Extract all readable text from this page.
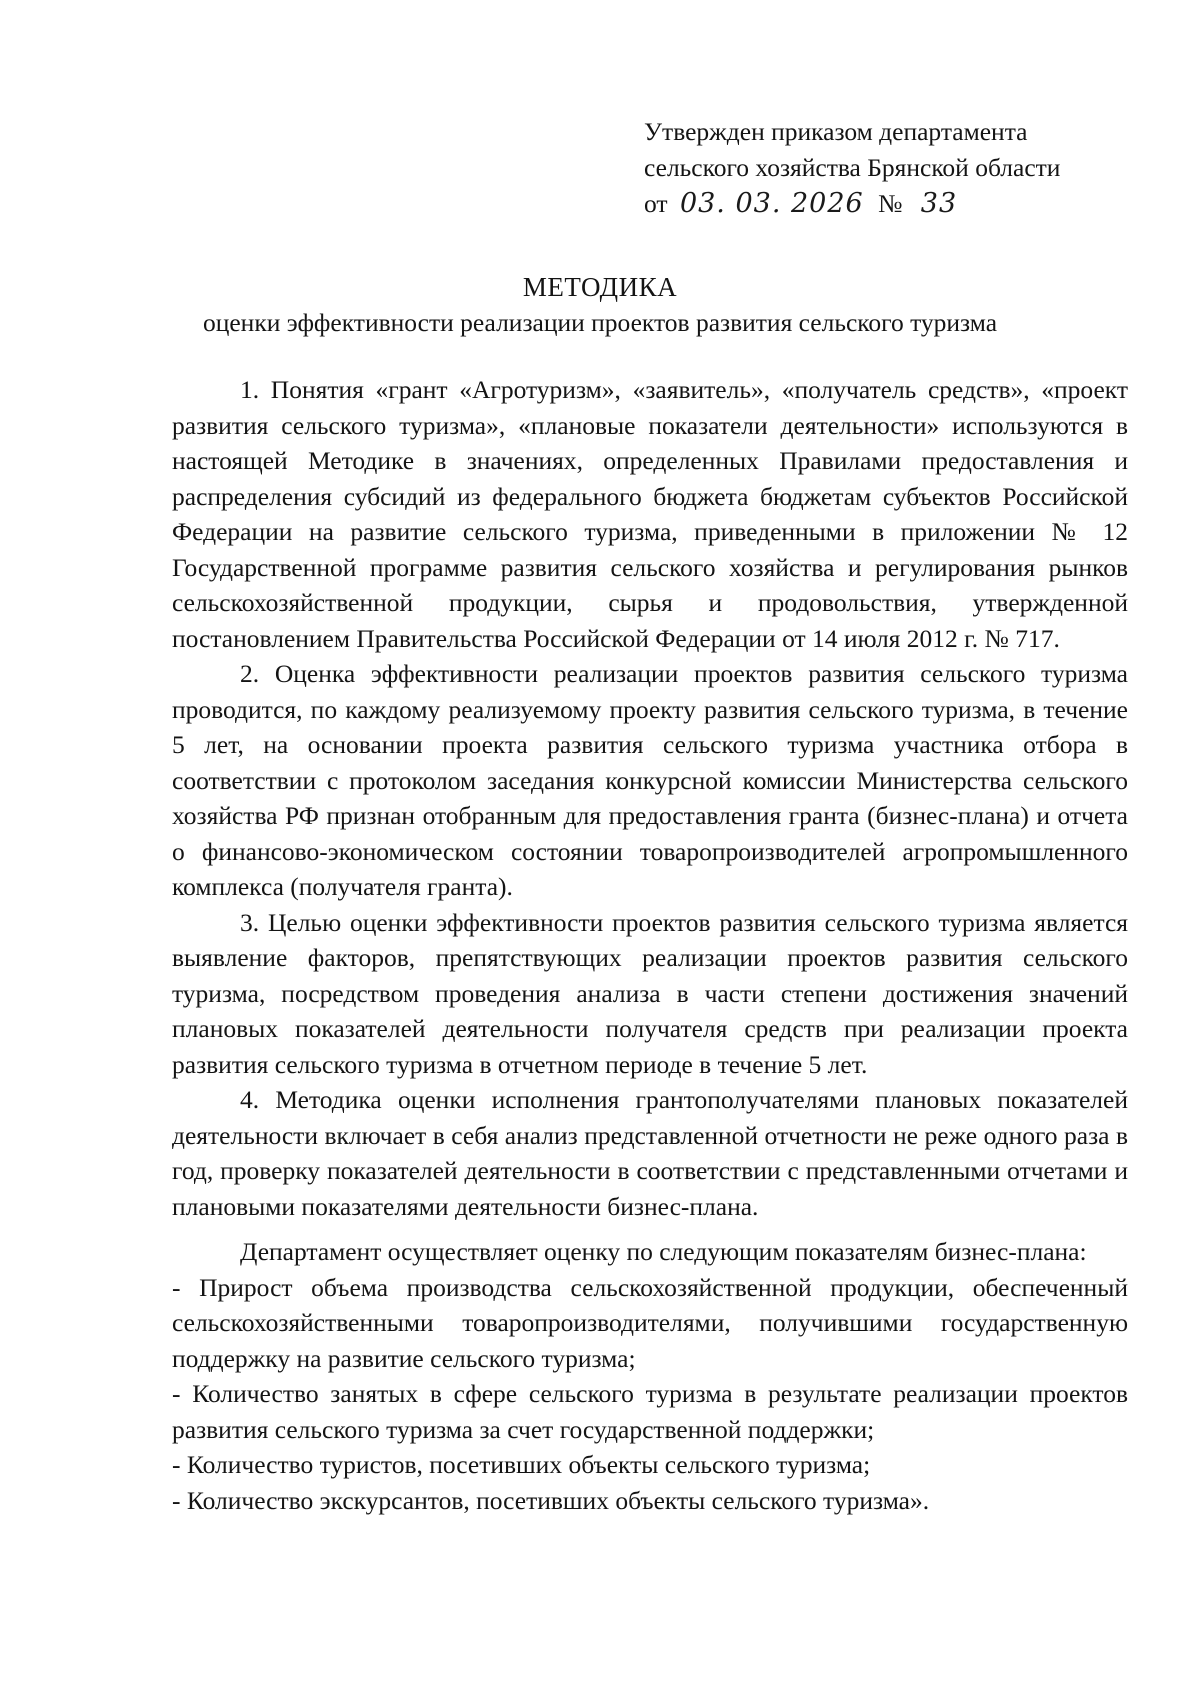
Утвержден приказом департамента
сельского хозяйства Брянской области
от 03. 03. 2026 № 33
МЕТОДИКА
оценки эффективности реализации проектов развития сельского туризма

1. Понятия «грант «Агротуризм», «заявитель», «получатель средств», «проект развития сельского туризма», «плановые показатели деятельности» используются в настоящей Методике в значениях, определенных Правилами предоставления и распределения субсидий из федерального бюджета бюджетам субъектов Российской Федерации на развитие сельского туризма, приведенными в приложении № 12 Государственной программе развития сельского хозяйства и регулирования рынков сельскохозяйственной продукции, сырья и продовольствия, утвержденной постановлением Правительства Российской Федерации от 14 июля 2012 г. № 717.

2. Оценка эффективности реализации проектов развития сельского туризма проводится, по каждому реализуемому проекту развития сельского туризма, в течение 5 лет, на основании проекта развития сельского туризма участника отбора в соответствии с протоколом заседания конкурсной комиссии Министерства сельского хозяйства РФ признан отобранным для предоставления гранта (бизнес-плана) и отчета о финансово-экономическом состоянии товаропроизводителей агропромышленного комплекса (получателя гранта).

3. Целью оценки эффективности проектов развития сельского туризма является выявление факторов, препятствующих реализации проектов развития сельского туризма, посредством проведения анализа в части степени достижения значений плановых показателей деятельности получателя средств при реализации проекта развития сельского туризма в отчетном периоде в течение 5 лет.

4. Методика оценки исполнения грантополучателями плановых показателей деятельности включает в себя анализ представленной отчетности не реже одного раза в год, проверку показателей деятельности в соответствии с представленными отчетами и плановыми показателями деятельности бизнес-плана.

Департамент осуществляет оценку по следующим показателям бизнес-плана:

- Прирост объема производства сельскохозяйственной продукции, обеспеченный сельскохозяйственными товаропроизводителями, получившими государственную поддержку на развитие сельского туризма;

- Количество занятых в сфере сельского туризма в результате реализации проектов развития сельского туризма за счет государственной поддержки;

- Количество туристов, посетивших объекты сельского туризма;

- Количество экскурсантов, посетивших объекты сельского туризма».
